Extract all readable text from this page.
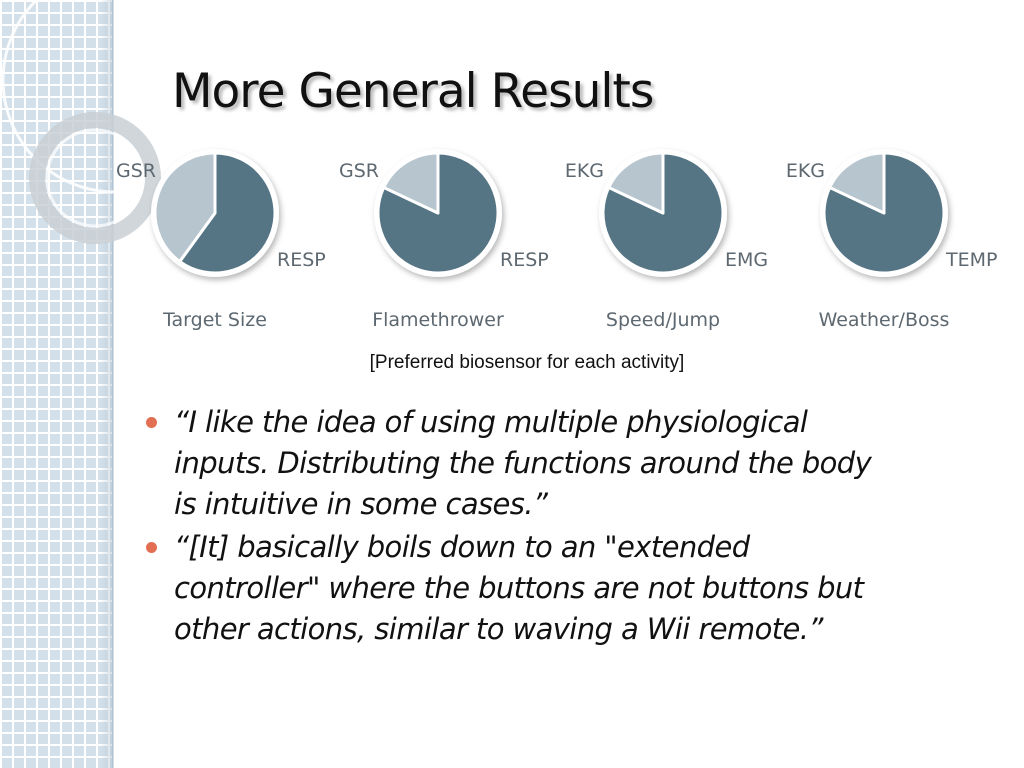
More General Results
GSR
RESP
Target Size
GSR
RESP
Flamethrower
EKG
EMG
Speed/Jump
EKG
TEMP
Weather/Boss
[Preferred biosensor for each activity]
“I like the idea of using multiple physiological inputs. Distributing the functions around the body is intuitive in some cases.”
“[It] basically boils down to an "extended controller" where the buttons are not buttons but other actions, similar to waving a Wii remote.”
